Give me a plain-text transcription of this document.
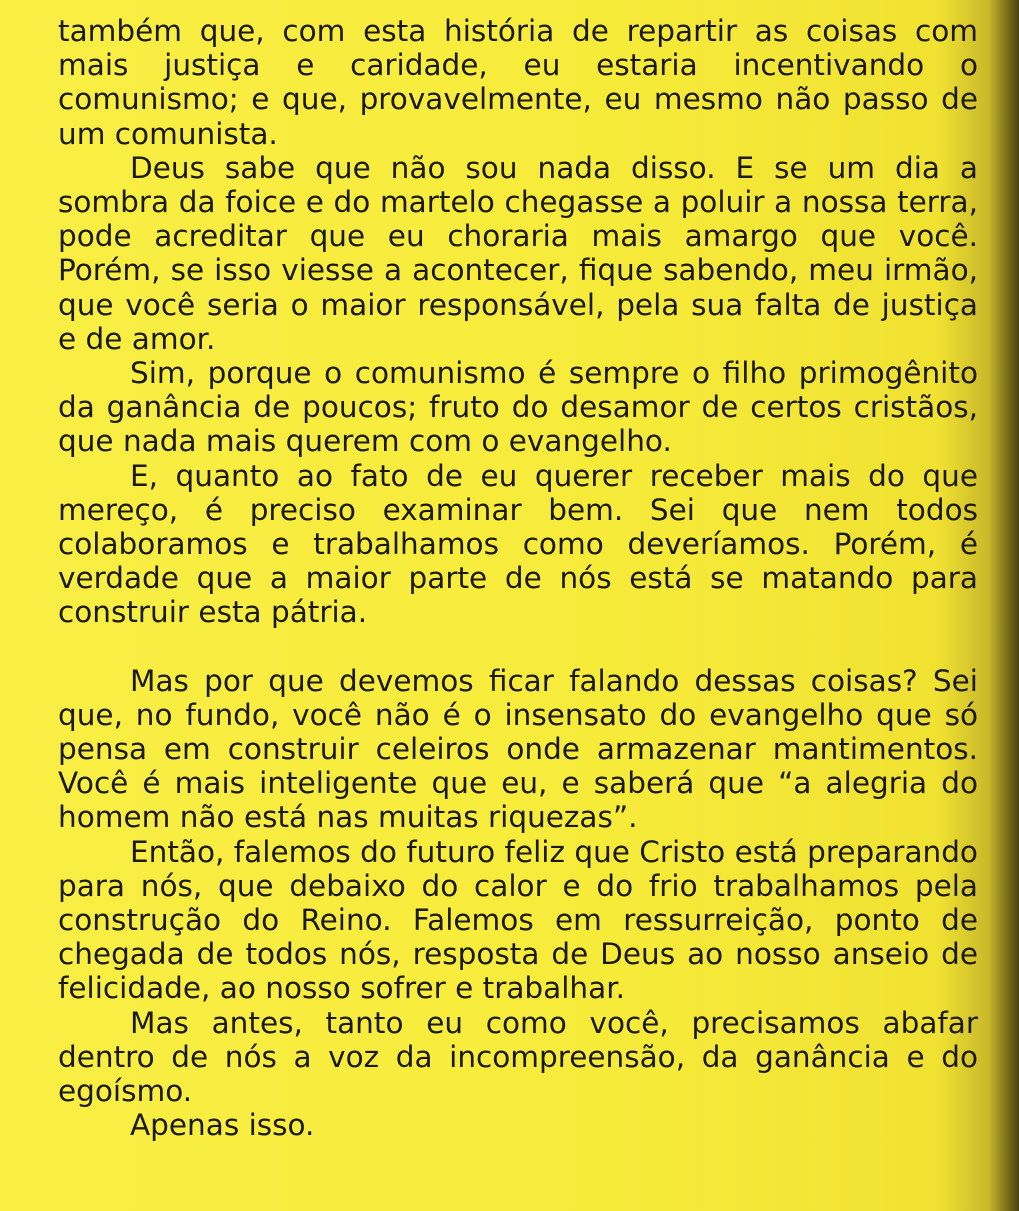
também que, com esta história de repartir as coisas com mais justiça e caridade, eu estaria incentivando o comunismo; e que, provavelmente, eu mesmo não passo de um comunista.

Deus sabe que não sou nada disso. E se um dia a sombra da foice e do martelo chegasse a poluir a nossa terra, pode acreditar que eu choraria mais amargo que você. Porém, se isso viesse a acontecer, fique sabendo, meu irmão, que você seria o maior responsável, pela sua falta de justiça e de amor.

Sim, porque o comunismo é sempre o filho primogênito da ganância de poucos; fruto do desamor de certos cristãos, que nada mais querem com o evangelho.

E, quanto ao fato de eu querer receber mais do que mereço, é preciso examinar bem. Sei que nem todos colaboramos e trabalhamos como deveríamos. Porém, é verdade que a maior parte de nós está se matando para construir esta pátria.

Mas por que devemos ficar falando dessas coisas? Sei que, no fundo, você não é o insensato do evangelho que só pensa em construir celeiros onde armazenar mantimentos. Você é mais inteligente que eu, e saberá que “a alegria do homem não está nas muitas riquezas”.

Então, falemos do futuro feliz que Cristo está preparando para nós, que debaixo do calor e do frio trabalhamos pela construção do Reino. Falemos em ressurreição, ponto de chegada de todos nós, resposta de Deus ao nosso anseio de felicidade, ao nosso sofrer e trabalhar.

Mas antes, tanto eu como você, precisamos abafar dentro de nós a voz da incompreensão, da ganância e do egoísmo.

Apenas isso.
